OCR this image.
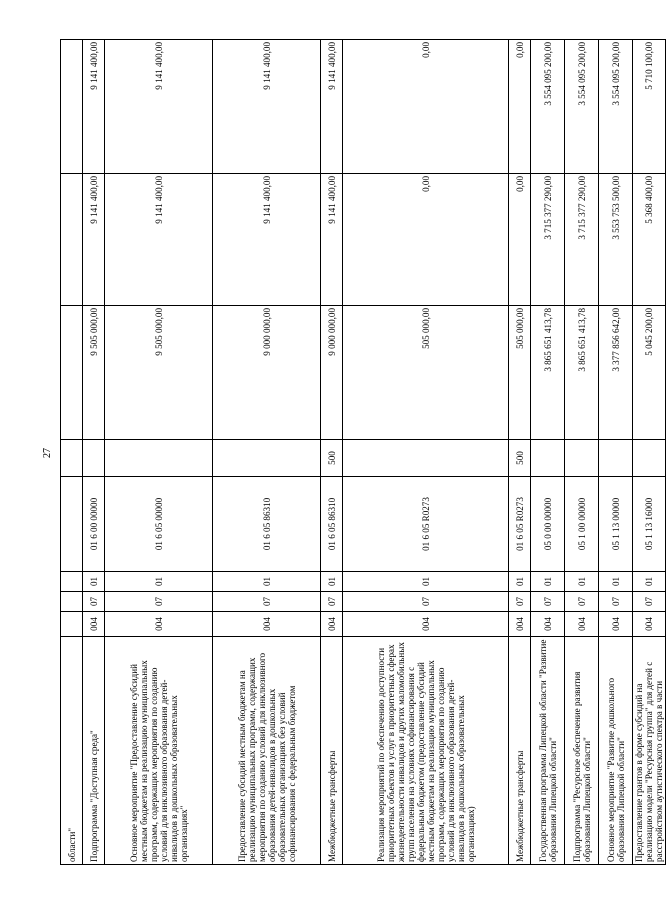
27
области"								
Подпрограмма "Доступная среда"	004	07	01	01 6 00 00000		9 505 000,00	9 141 400,00	9 141 400,00
Основное мероприятие "Предоставление субсидий местным бюджетам на реализацию муниципальных программ, содержащих мероприятия по созданию условий для инклюзивного образования детей-инвалидов в дошкольных образовательных организациях"	004	07	01	01 6 05 00000		9 505 000,00	9 141 400,00	9 141 400,00
Предоставление субсидий местным бюджетам на реализацию муниципальных программ, содержащих мероприятия по созданию условий для инклюзивного образования детей-инвалидов в дошкольных образовательных организациях без условий софинансирования с федеральным бюджетом	004	07	01	01 6 05 86310		9 000 000,00	9 141 400,00	9 141 400,00
Межбюджетные трансферты	004	07	01	01 6 05 86310	500	9 000 000,00	9 141 400,00	9 141 400,00
Реализация мероприятий по обеспечению доступности приоритетных объектов и услуг в приоритетных сферах жизнедеятельности инвалидов и других маломобильных групп населения на условиях софинансирования с федеральным бюджетом (предоставление субсидий местным бюджетам на реализацию муниципальных программ, содержащих мероприятия по созданию условий для инклюзивного образования детей-инвалидов в дошкольных образовательных организациях)	004	07	01	01 6 05 R0273		505 000,00	0,00	0,00
Межбюджетные трансферты	004	07	01	01 6 05 R0273	500	505 000,00	0,00	0,00
Государственная программа Липецкой области "Развитие образования Липецкой области"	004	07	01	05 0 00 00000		3 865 651 413,78	3 715 377 290,00	3 554 095 200,00
Подпрограмма "Ресурсное обеспечение развития образования Липецкой области"	004	07	01	05 1 00 00000		3 865 651 413,78	3 715 377 290,00	3 554 095 200,00
Основное мероприятие "Развитие дошкольного образования Липецкой области"	004	07	01	05 1 13 00000		3 377 856 642,00	3 553 753 500,00	3 554 095 200,00
Предоставление грантов в форме субсидий на реализацию модели "Ресурсная группа" для детей с расстройством аутистического спектра в части	004	07	01	05 1 13 16000		5 045 200,00	5 368 400,00	5 710 100,00
